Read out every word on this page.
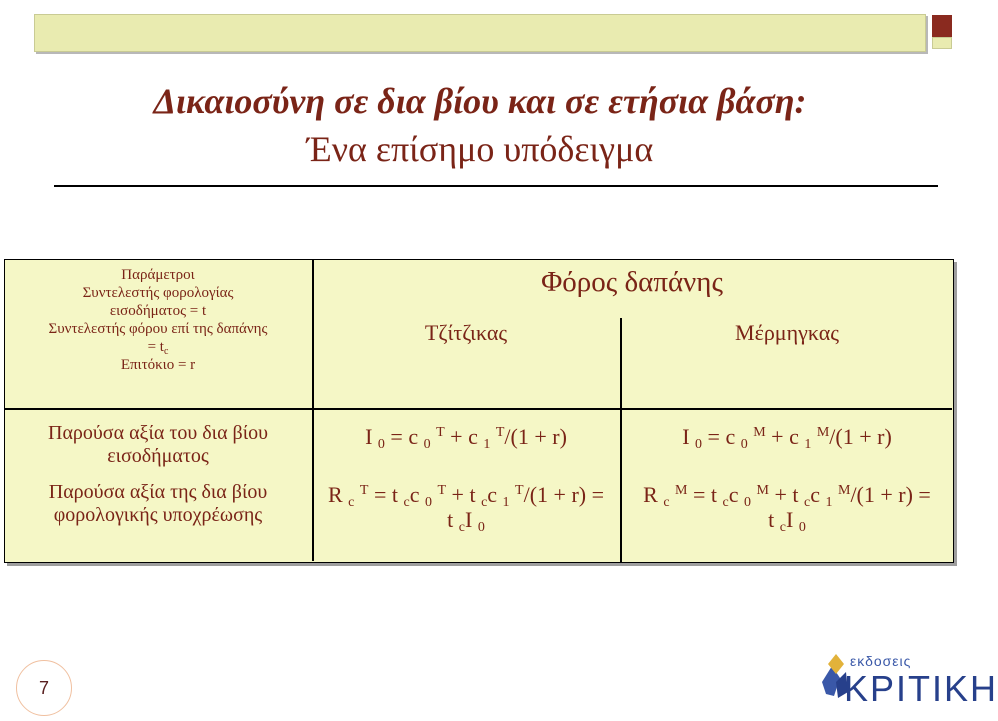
Δικαιοσύνη σε δια βίου και σε ετήσια βάση:
Ένα επίσημο υπόδειγμα
Παράμετροι
Συντελεστής φορολογίας
εισοδήματος = t
Συντελεστής φόρου επί της δαπάνης
= $t_c$
Επιτόκιο = r
Φόρος δαπάνης
Τζίτζικας	Μέρμηγκας
Παρούσα αξία του δια βίου εισοδήματος
Παρούσα αξία της δια βίου φορολογικής υποχρέωσης
I $_0$ = c $_0$ $^T$ + c $_1$ $^T$/(1 + r)	I $_0$ = c $_0$ $^M$ + c $_1$ $^M$/(1 + r)
R $_c$ $^T$ = t $_c$c $_0$ $^T$ + t $_c$c $_1$ $^T$/(1 + r) =
t $_c$I $_0$
R $_c$ $^M$ = t $_c$c $_0$ $^M$ + t $_c$c $_1$ $^M$/(1 + r) =
t $_c$I $_0$
7
εκδοσεις
ΚΡΙΤΙΚΗ
